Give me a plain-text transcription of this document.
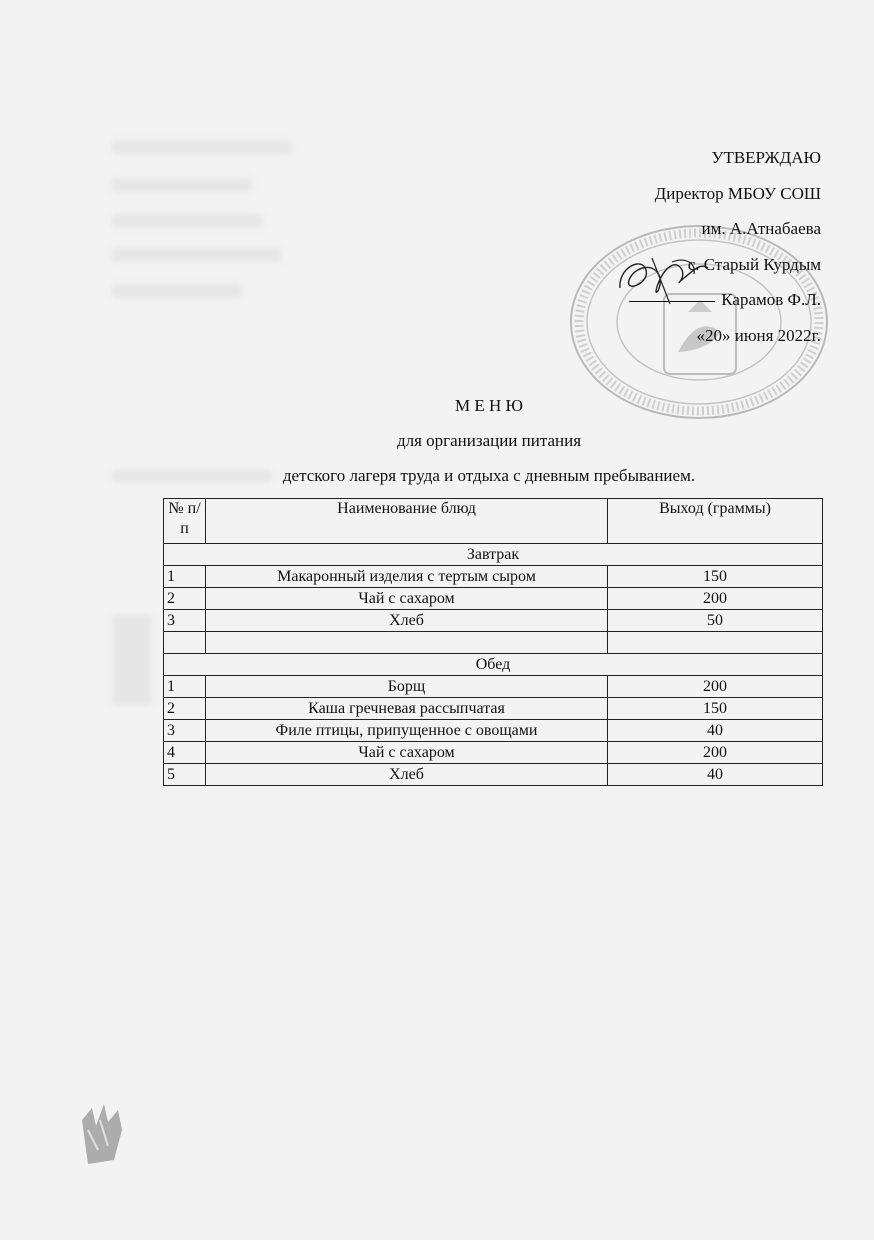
УТВЕРЖДАЮ
Директор МБОУ СОШ
им. А.Атнабаева
с. Старый Курдым
Карамов Ф.Л.
«20» июня 2022г.
М Е Н Ю
для организации питания
детского лагеря труда и отдыха с дневным пребыванием.
№ п/п	Наименование блюд	Выход (граммы)
Завтрак		
1	Макаронный изделия с тертым сыром	150
2	Чай с сахаром	200
3	Хлеб	50

Обед		
1	Борщ	200
2	Каша гречневая рассыпчатая	150
3	Филе птицы, припущенное с овощами	40
4	Чай с сахаром	200
5	Хлеб	40
